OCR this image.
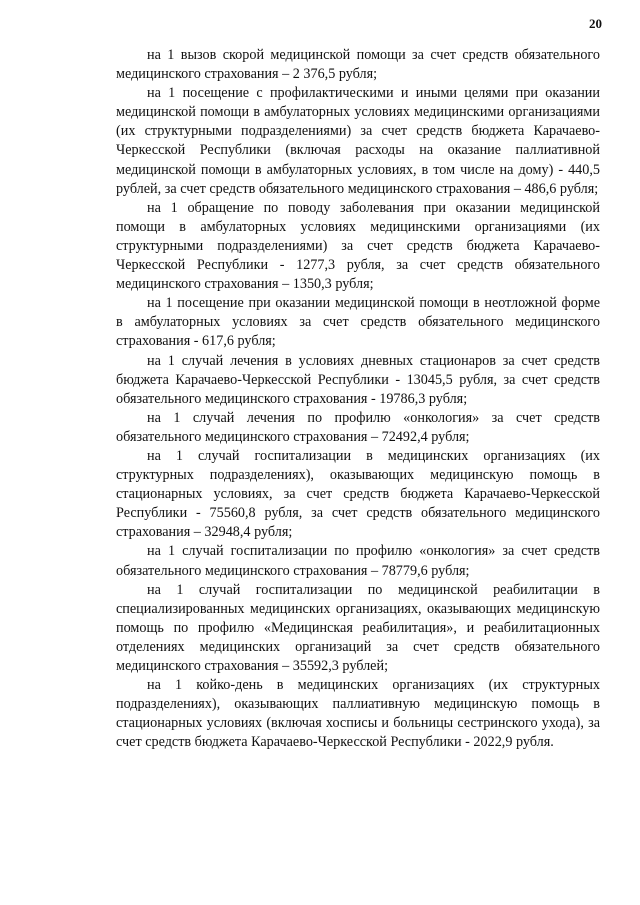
20

на 1 вызов скорой медицинской помощи за счет средств обязательного медицинского страхования – 2 376,5 рубля;

на 1 посещение с профилактическими и иными целями при оказании медицинской помощи в амбулаторных условиях медицинскими организациями (их структурными подразделениями) за счет средств бюджета Карачаево-Черкесской Республики (включая расходы на оказание паллиативной медицинской помощи в амбулаторных условиях, в том числе на дому) - 440,5 рублей, за счет средств обязательного медицинского страхования – 486,6 рубля;

на 1 обращение по поводу заболевания при оказании медицинской помощи в амбулаторных условиях медицинскими организациями (их структурными подразделениями) за счет средств бюджета Карачаево-Черкесской Республики - 1277,3 рубля, за счет средств обязательного медицинского страхования – 1350,3 рубля;

на 1 посещение при оказании медицинской помощи в неотложной форме в амбулаторных условиях за счет средств обязательного медицинского страхования - 617,6 рубля;

на 1 случай лечения в условиях дневных стационаров за счет средств бюджета Карачаево-Черкесской Республики - 13045,5 рубля, за счет средств обязательного медицинского страхования - 19786,3 рубля;

на 1 случай лечения по профилю «онкология» за счет средств обязательного медицинского страхования – 72492,4 рубля;

на 1 случай госпитализации в медицинских организациях (их структурных подразделениях), оказывающих медицинскую помощь в стационарных условиях, за счет средств бюджета Карачаево-Черкесской Республики - 75560,8 рубля, за счет средств обязательного медицинского страхования – 32948,4 рубля;

на 1 случай госпитализации по профилю «онкология» за счет средств обязательного медицинского страхования – 78779,6 рубля;

на 1 случай госпитализации по медицинской реабилитации в специализированных медицинских организациях, оказывающих медицинскую помощь по профилю «Медицинская реабилитация», и реабилитационных отделениях медицинских организаций за счет средств обязательного медицинского страхования – 35592,3 рублей;

на 1 койко-день в медицинских организациях (их структурных подразделениях), оказывающих паллиативную медицинскую помощь в стационарных условиях (включая хосписы и больницы сестринского ухода), за счет средств бюджета Карачаево-Черкесской Республики - 2022,9 рубля.
